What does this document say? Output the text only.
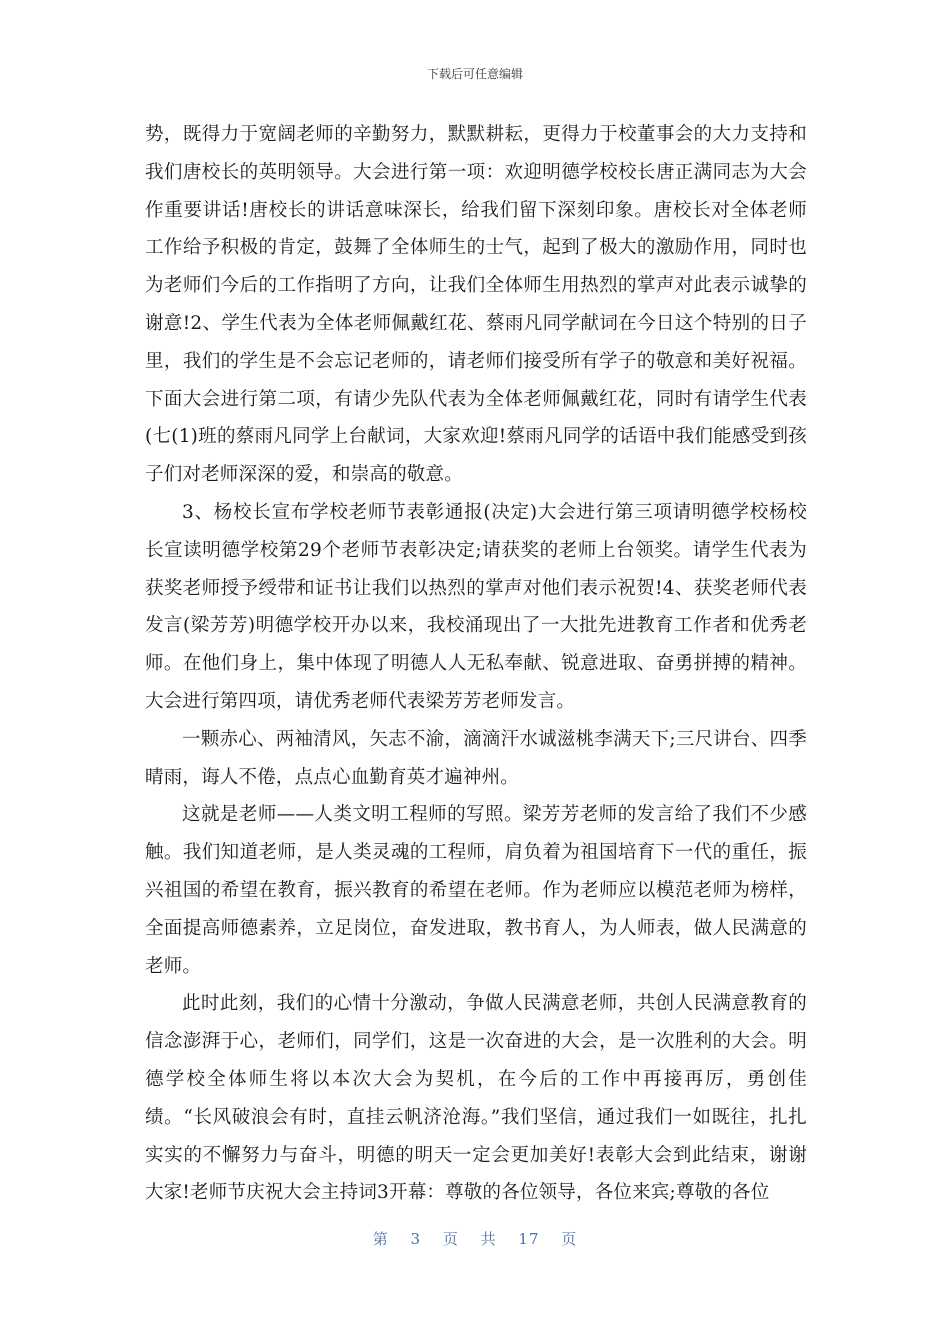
下载后可任意编辑

势，既得力于宽阔老师的辛勤努力，默默耕耘，更得力于校董事会的大力支持和我们唐校长的英明领导。大会进行第一项：欢迎明德学校校长唐正满同志为大会作重要讲话!唐校长的讲话意味深长，给我们留下深刻印象。唐校长对全体老师工作给予积极的肯定，鼓舞了全体师生的士气，起到了极大的激励作用，同时也为老师们今后的工作指明了方向，让我们全体师生用热烈的掌声对此表示诚挚的谢意!2、学生代表为全体老师佩戴红花、蔡雨凡同学献词在今日这个特别的日子里，我们的学生是不会忘记老师的，请老师们接受所有学子的敬意和美好祝福。下面大会进行第二项，有请少先队代表为全体老师佩戴红花，同时有请学生代表(七(1)班的蔡雨凡同学上台献词，大家欢迎!蔡雨凡同学的话语中我们能感受到孩子们对老师深深的爱，和崇高的敬意。

3、杨校长宣布学校老师节表彰通报(决定)大会进行第三项请明德学校杨校长宣读明德学校第29个老师节表彰决定;请获奖的老师上台领奖。请学生代表为获奖老师授予绶带和证书让我们以热烈的掌声对他们表示祝贺!4、获奖老师代表发言(梁芳芳)明德学校开办以来，我校涌现出了一大批先进教育工作者和优秀老师。在他们身上，集中体现了明德人人无私奉献、锐意进取、奋勇拼搏的精神。大会进行第四项，请优秀老师代表梁芳芳老师发言。

一颗赤心、两袖清风，矢志不渝，滴滴汗水诚滋桃李满天下;三尺讲台、四季晴雨，诲人不倦，点点心血勤育英才遍神州。

这就是老师——人类文明工程师的写照。梁芳芳老师的发言给了我们不少感触。我们知道老师，是人类灵魂的工程师，肩负着为祖国培育下一代的重任，振兴祖国的希望在教育，振兴教育的希望在老师。作为老师应以模范老师为榜样，全面提高师德素养，立足岗位，奋发进取，教书育人，为人师表，做人民满意的老师。

此时此刻，我们的心情十分激动，争做人民满意老师，共创人民满意教育的信念澎湃于心，老师们，同学们，这是一次奋进的大会，是一次胜利的大会。明德学校全体师生将以本次大会为契机，在今后的工作中再接再厉，勇创佳绩。“长风破浪会有时，直挂云帆济沧海。”我们坚信，通过我们一如既往，扎扎实实的不懈努力与奋斗，明德的明天一定会更加美好!表彰大会到此结束，谢谢大家!老师节庆祝大会主持词3开幕：尊敬的各位领导，各位来宾;尊敬的各位

第 3 页 共 17 页
